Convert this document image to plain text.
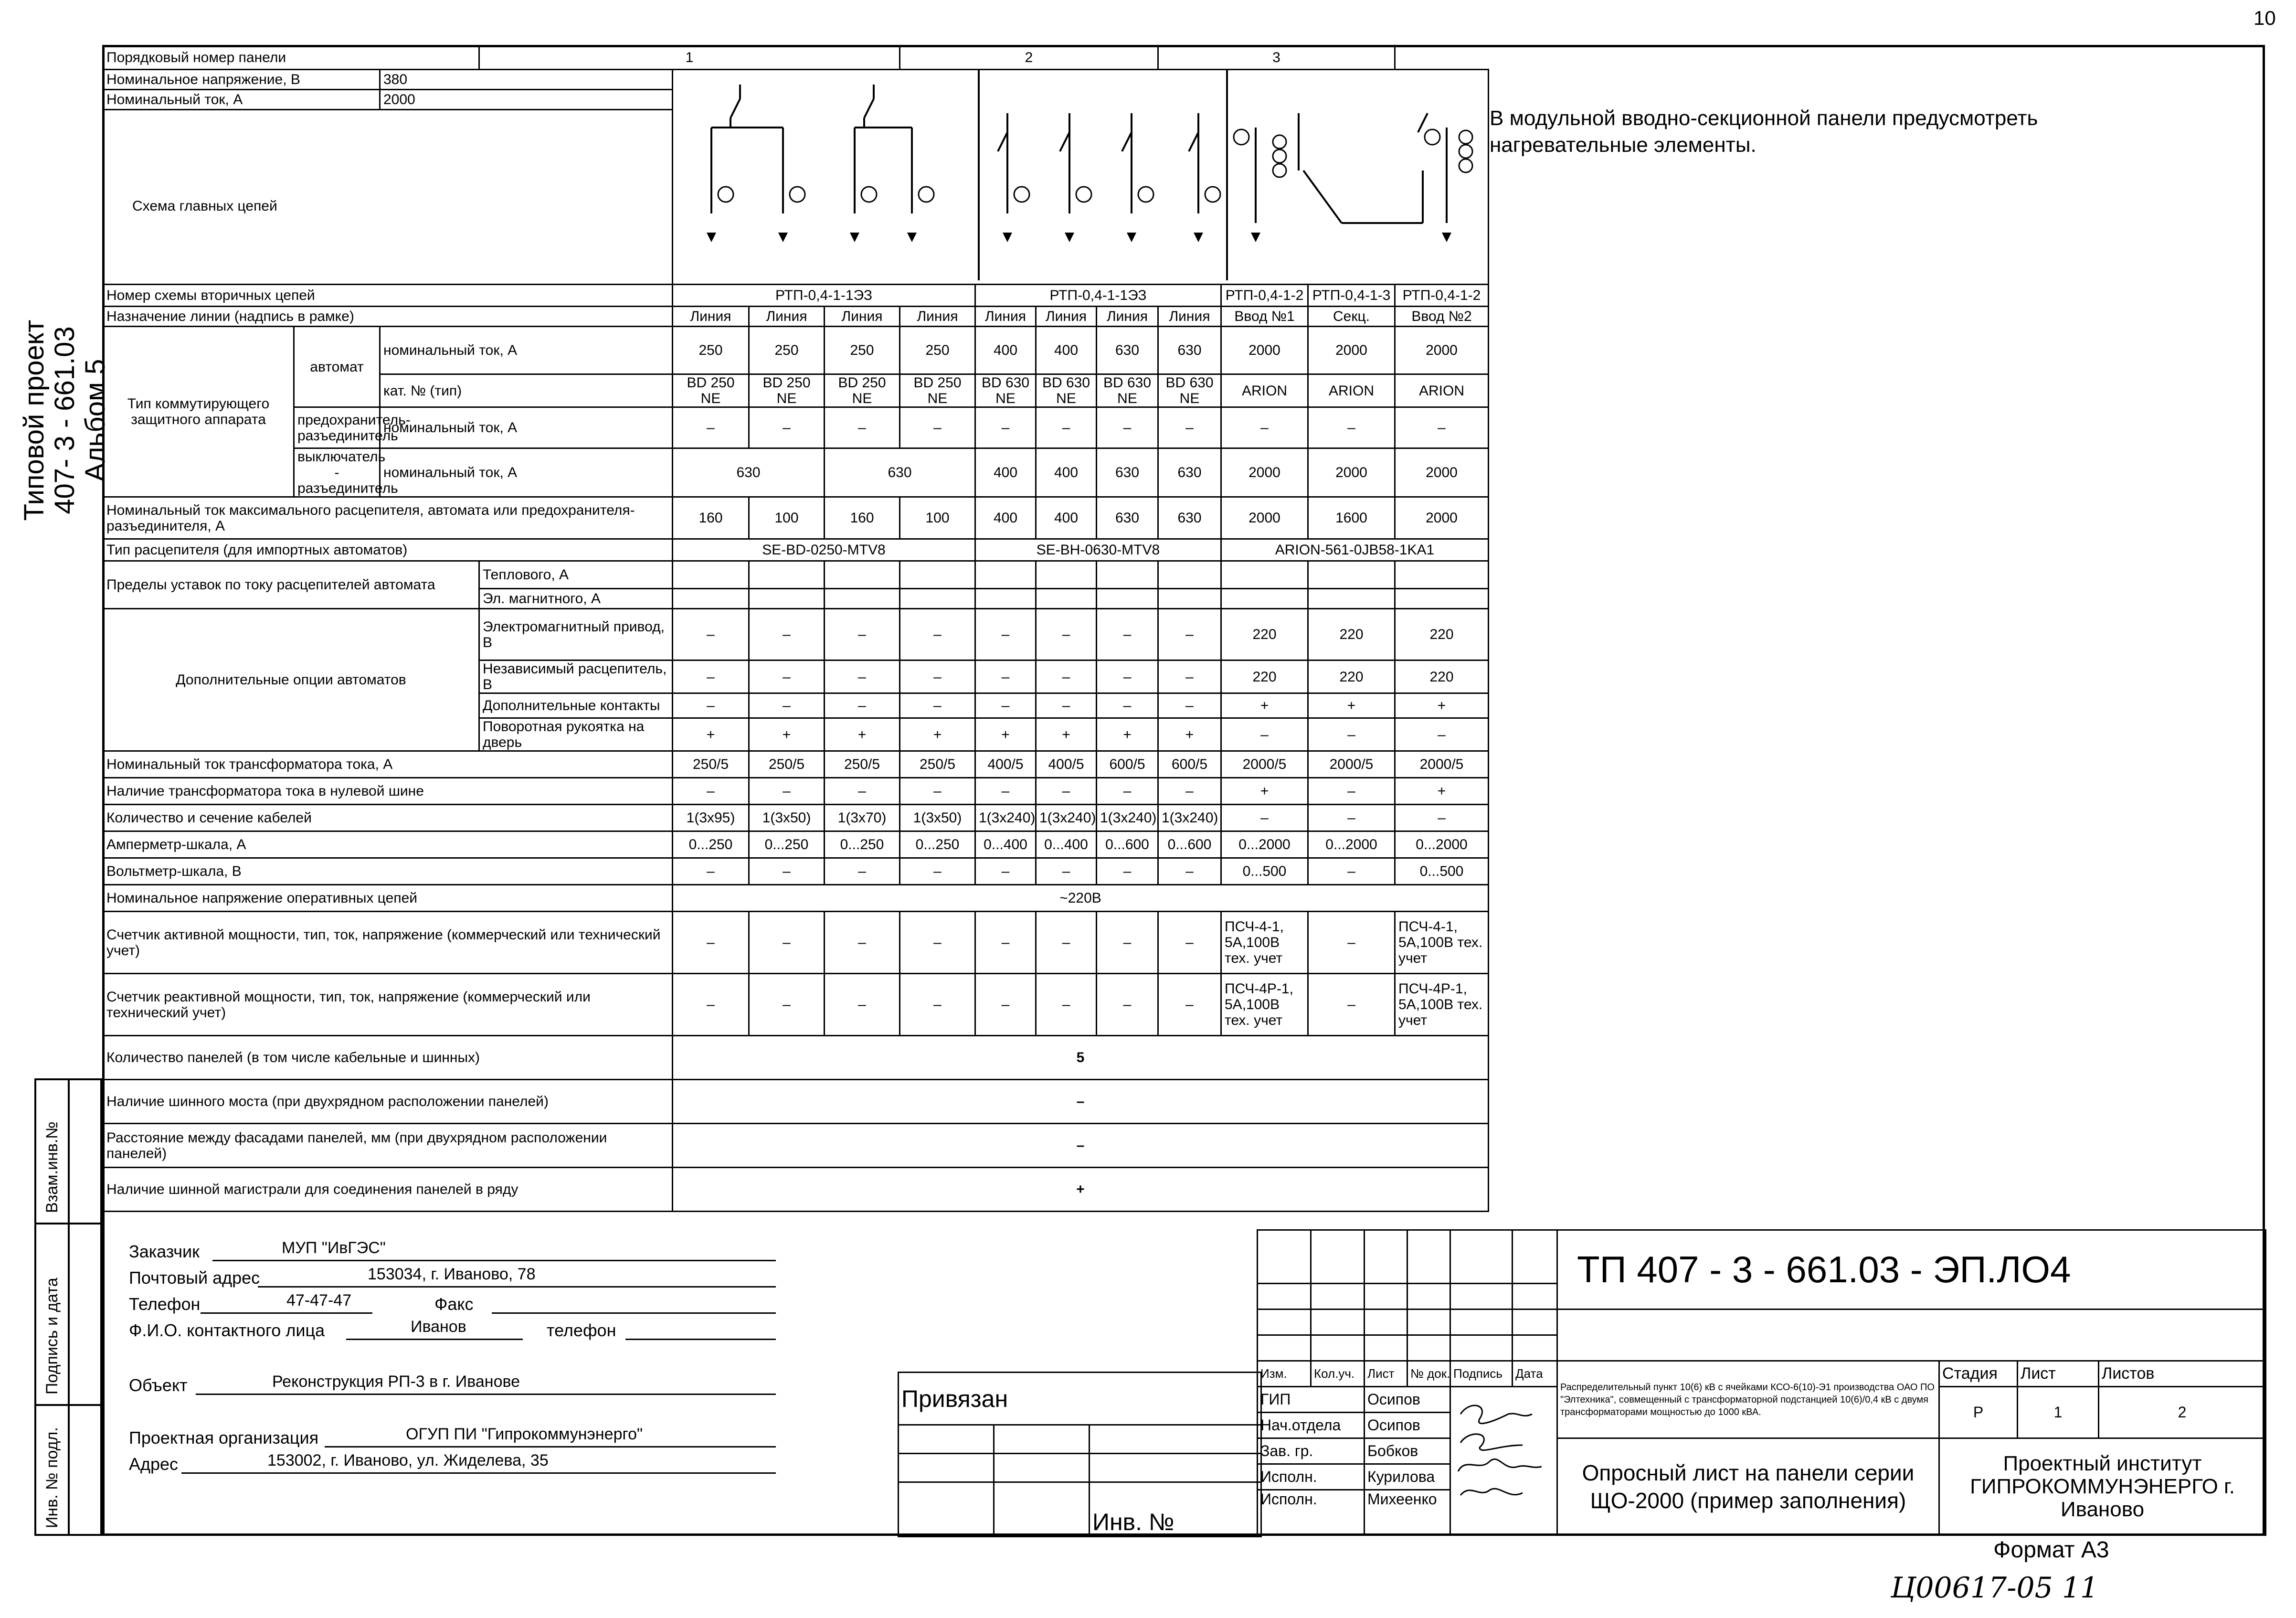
10
Типовой проект 407- 3 - 661.03 Альбом 5
Взам.инв.№
Подпись и дата
Инв. № подл.
Порядковый номер панели			1				2				3			
Номинальное напряжение, В		380	
Номинальный ток, А		2000												

Схема главных цепей														
Номер схемы вторичных цепей				РТП-0,4-1-1ЭЗ				РТП-0,4-1-1ЭЗ				РТП-0,4-1-2	РТП-0,4-1-3	РТП-0,4-1-2
Назначение линии (надпись в рамке)				Линия	Линия	Линия	Линия	Линия	Линия	Линия	Линия	Ввод №1	Секц.	Ввод №2
Тип коммутирующего защитного аппарата	автомат	номинальный ток, А		250	250	250	250	400	400	630	630	2000	2000	2000
		кат. № (тип)		BD 250 NE	BD 250 NE	BD 250 NE	BD 250 NE	BD 630 NE	BD 630 NE	BD 630 NE	BD 630 NE	ARION	ARION	ARION
	предохранитель-разъединитель	номинальный ток, А		–	–	–	–	–	–	–	–	–	–	–
	выключатель - разъединитель	номинальный ток, А		630		630		400	400	630	630	2000	2000	2000
Номинальный ток максимального расцепителя, автомата или предохранителя-разъединителя, А				160	100	160	100	400	400	630	630	2000	1600	2000
Тип расцепителя (для импортных автоматов)				SE-BD-0250-MTV8				SE-BH-0630-MTV8				ARION-561-0JB58-1KA1		
Пределы уставок по току расцепителей автомата			Теплового, А											
			Эл. магнитного, А											
Дополнительные опции автоматов			Электромагнитный привод, В	–	–	–	–	–	–	–	–	220	220	220
			Независимый расцепитель, В	–	–	–	–	–	–	–	–	220	220	220
			Дополнительные контакты	–	–	–	–	–	–	–	–	+	+	+
			Поворотная рукоятка на дверь	+	+	+	+	+	+	+	+	–	–	–
Номинальный ток трансформатора тока, А				250/5	250/5	250/5	250/5	400/5	400/5	600/5	600/5	2000/5	2000/5	2000/5
Наличие трансформатора тока в нулевой шине				–	–	–	–	–	–	–	–	+	–	+
Количество и сечение кабелей				1(3х95)	1(3х50)	1(3х70)	1(3х50)	1(3х240)	1(3х240)	1(3х240)	1(3х240)	–	–	–
Амперметр-шкала, А				0...250	0...250	0...250	0...250	0...400	0...400	0...600	0...600	0...2000	0...2000	0...2000
Вольтметр-шкала, В				–	–	–	–	–	–	–	–	0...500	–	0...500
Номинальное напряжение оперативных цепей				~220В										
Счетчик активной мощности, тип, ток, напряжение (коммерческий или технический учет)				–	–	–	–	–	–	–	–	ПСЧ-4-1, 5А,100В тех. учет	–	ПСЧ-4-1, 5А,100В тех. учет
Счетчик реактивной мощности, тип, ток, напряжение (коммерческий или технический учет)				–	–	–	–	–	–	–	–	ПСЧ-4Р-1, 5А,100В тех. учет	–	ПСЧ-4Р-1, 5А,100В тех. учет
Количество панелей (в том числе кабельные и шинных)				5										
Наличие шинного моста (при двухрядном расположении панелей)				–										
Расстояние между фасадами панелей, мм (при двухрядном расположении панелей)				–										
Наличие шинной магистрали для соединения панелей в ряду				+										
В модульной вводно-секционной панели предусмотреть нагревательные элементы.
Заказчик	МУП "ИвГЭС"
Почтовый адрес	153034, г. Иваново, 78
Телефон	47-47-47	Факс
Ф.И.О. контактного лица	Иванов	телефон
Объект	Реконструкция РП-3 в г. Иванове
Проектная организация	ОГУП ПИ "Гипрокоммунэнерго"
Адрес	153002, г. Иваново, ул. Жиделева, 35
Привязан		

		Инв. №
						ТП 407 - 3 - 661.03 - ЭП.ЛО4			

Изм.	Кол.уч.	Лист	№ док.	Подпись	Дата	Распределительный пункт 10(6) кВ с ячейками КСО-6(10)-Э1 производства ОАО ПО "Элтехника", совмещенный с трансформаторной подстанцией 10(6)/0,4 кВ с двумя трансформаторами мощностью до 1000 кВА.	Стадия	Лист	Листов
ГИП		Осипов					Р	1	2
Нач.отдела		Осипов							
Зав. гр.		Бобков				Опросный лист на панели серии ЩО-2000 (пример заполнения)	Проектный институт ГИПРОКОММУНЭНЕРГО г. Иваново		
Исполн.		Курилова							
Исполн.		Михеенко							
Формат А3
Ц00617-05 11
